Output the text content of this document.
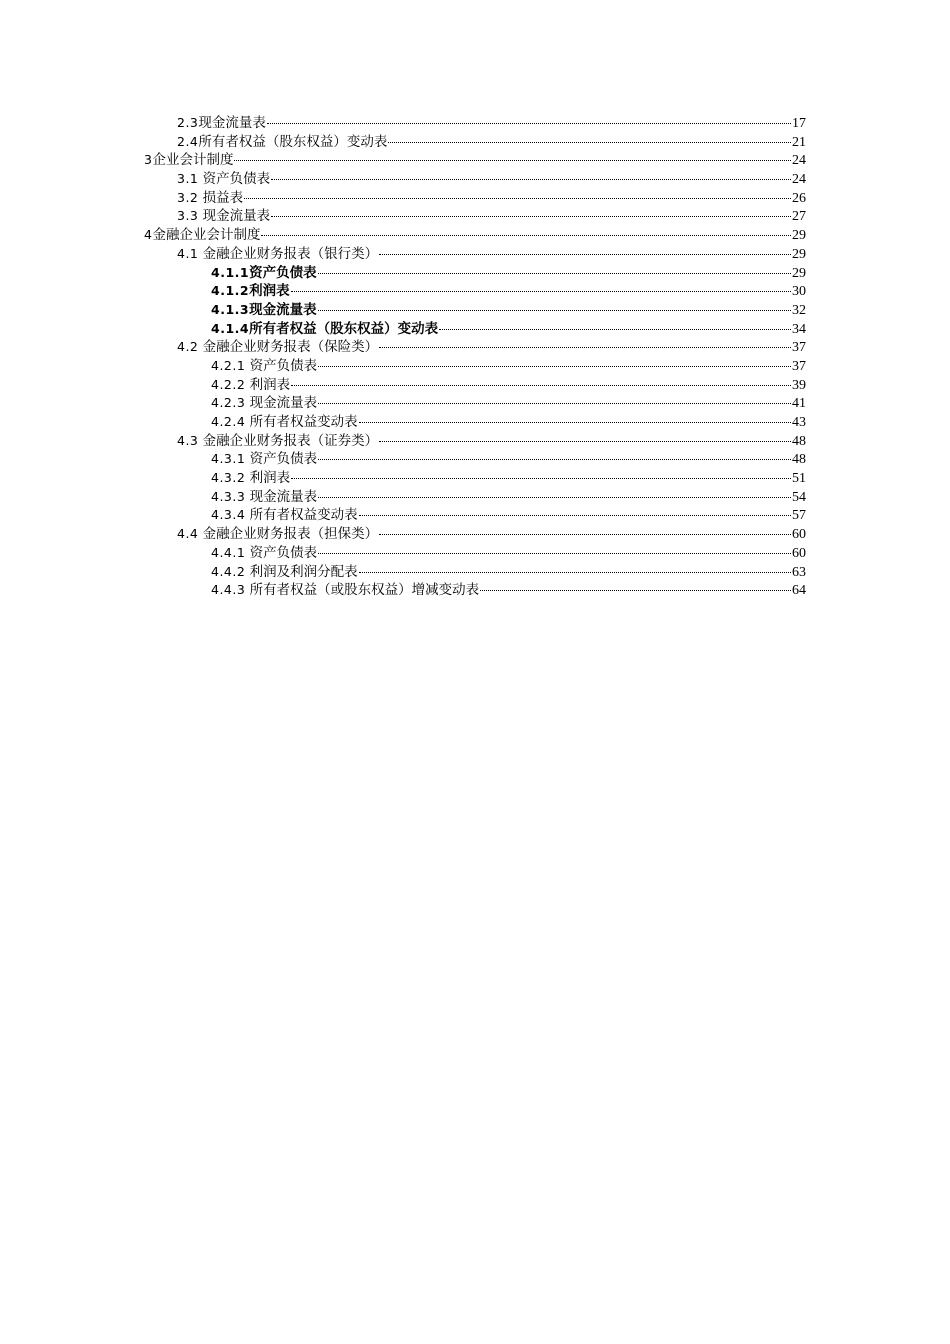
2.3现金流量表	17
2.4所有者权益（股东权益）变动表	21
3企业会计制度	24
3.1 资产负债表	24
3.2 损益表	26
3.3 现金流量表	27
4金融企业会计制度	29
4.1 金融企业财务报表（银行类）	29
4.1.1资产负债表	29
4.1.2利润表	30
4.1.3现金流量表	32
4.1.4所有者权益（股东权益）变动表	34
4.2 金融企业财务报表（保险类）	37
4.2.1 资产负债表	37
4.2.2 利润表	39
4.2.3 现金流量表	41
4.2.4 所有者权益变动表	43
4.3 金融企业财务报表（证券类）	48
4.3.1 资产负债表	48
4.3.2 利润表	51
4.3.3 现金流量表	54
4.3.4 所有者权益变动表	57
4.4 金融企业财务报表（担保类）	60
4.4.1 资产负债表	60
4.4.2 利润及利润分配表	63
4.4.3 所有者权益（或股东权益）增减变动表	64
